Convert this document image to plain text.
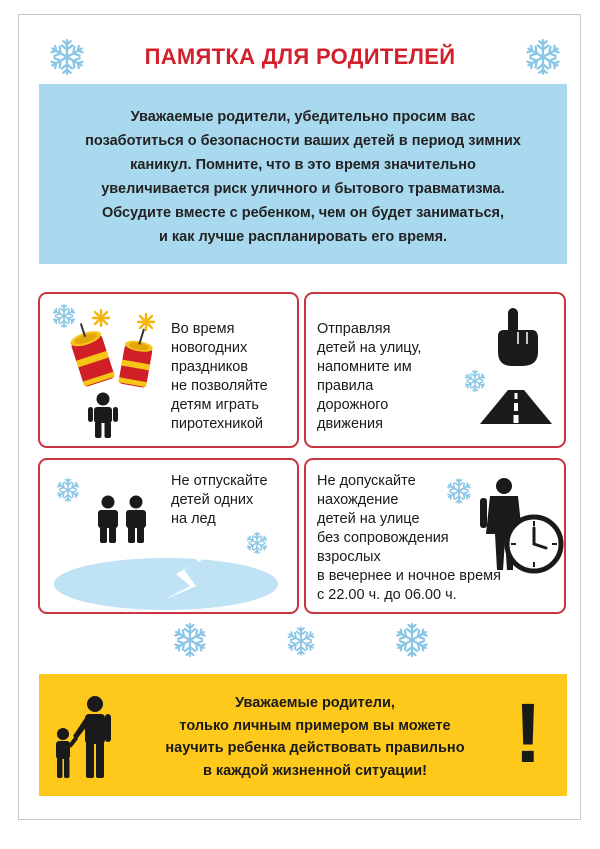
ПАМЯТКА ДЛЯ РОДИТЕЛЕЙ
Уважаемые родители, убедительно просим вас
позаботиться о безопасности ваших детей в период зимних
каникул. Помните, что в это время значительно
увеличивается риск уличного и бытового травматизма.
Обсудите вместе с ребенком, чем он будет заниматься,
и как лучше распланировать его время.
Во время
новогодних
праздников
не позволяйте
детям играть
пиротехникой
Отправляя
детей на улицу,
напомните им
правила
дорожного
движения
Не отпускайте
детей одних
на лед
Не допускайте
нахождение
детей на улице
без сопровождения
взрослых
в вечернее и ночное время
с 22.00 ч. до 06.00 ч.
Уважаемые родители,
только личным примером вы можете
научить ребенка действовать правильно
в каждой жизненной ситуации!	!
